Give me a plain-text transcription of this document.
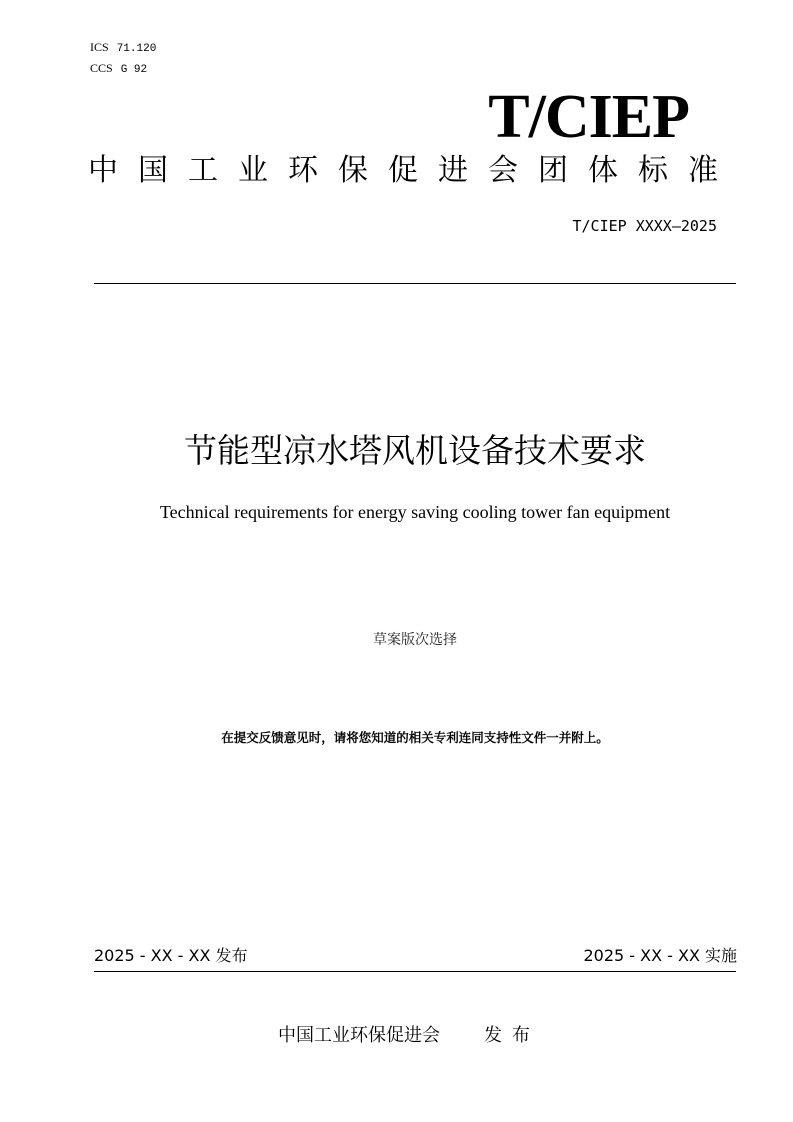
ICS 71.120
CCS G 92
T/CIEP
中国工业环保促进会团体标准
T/CIEP XXXX—2025
节能型凉水塔风机设备技术要求
Technical requirements for energy saving cooling tower fan equipment
草案版次选择
在提交反馈意见时，请将您知道的相关专利连同支持性文件一并附上。
2025 - XX - XX 发布	2025 - XX - XX 实施
中国工业环保促进会 发布
